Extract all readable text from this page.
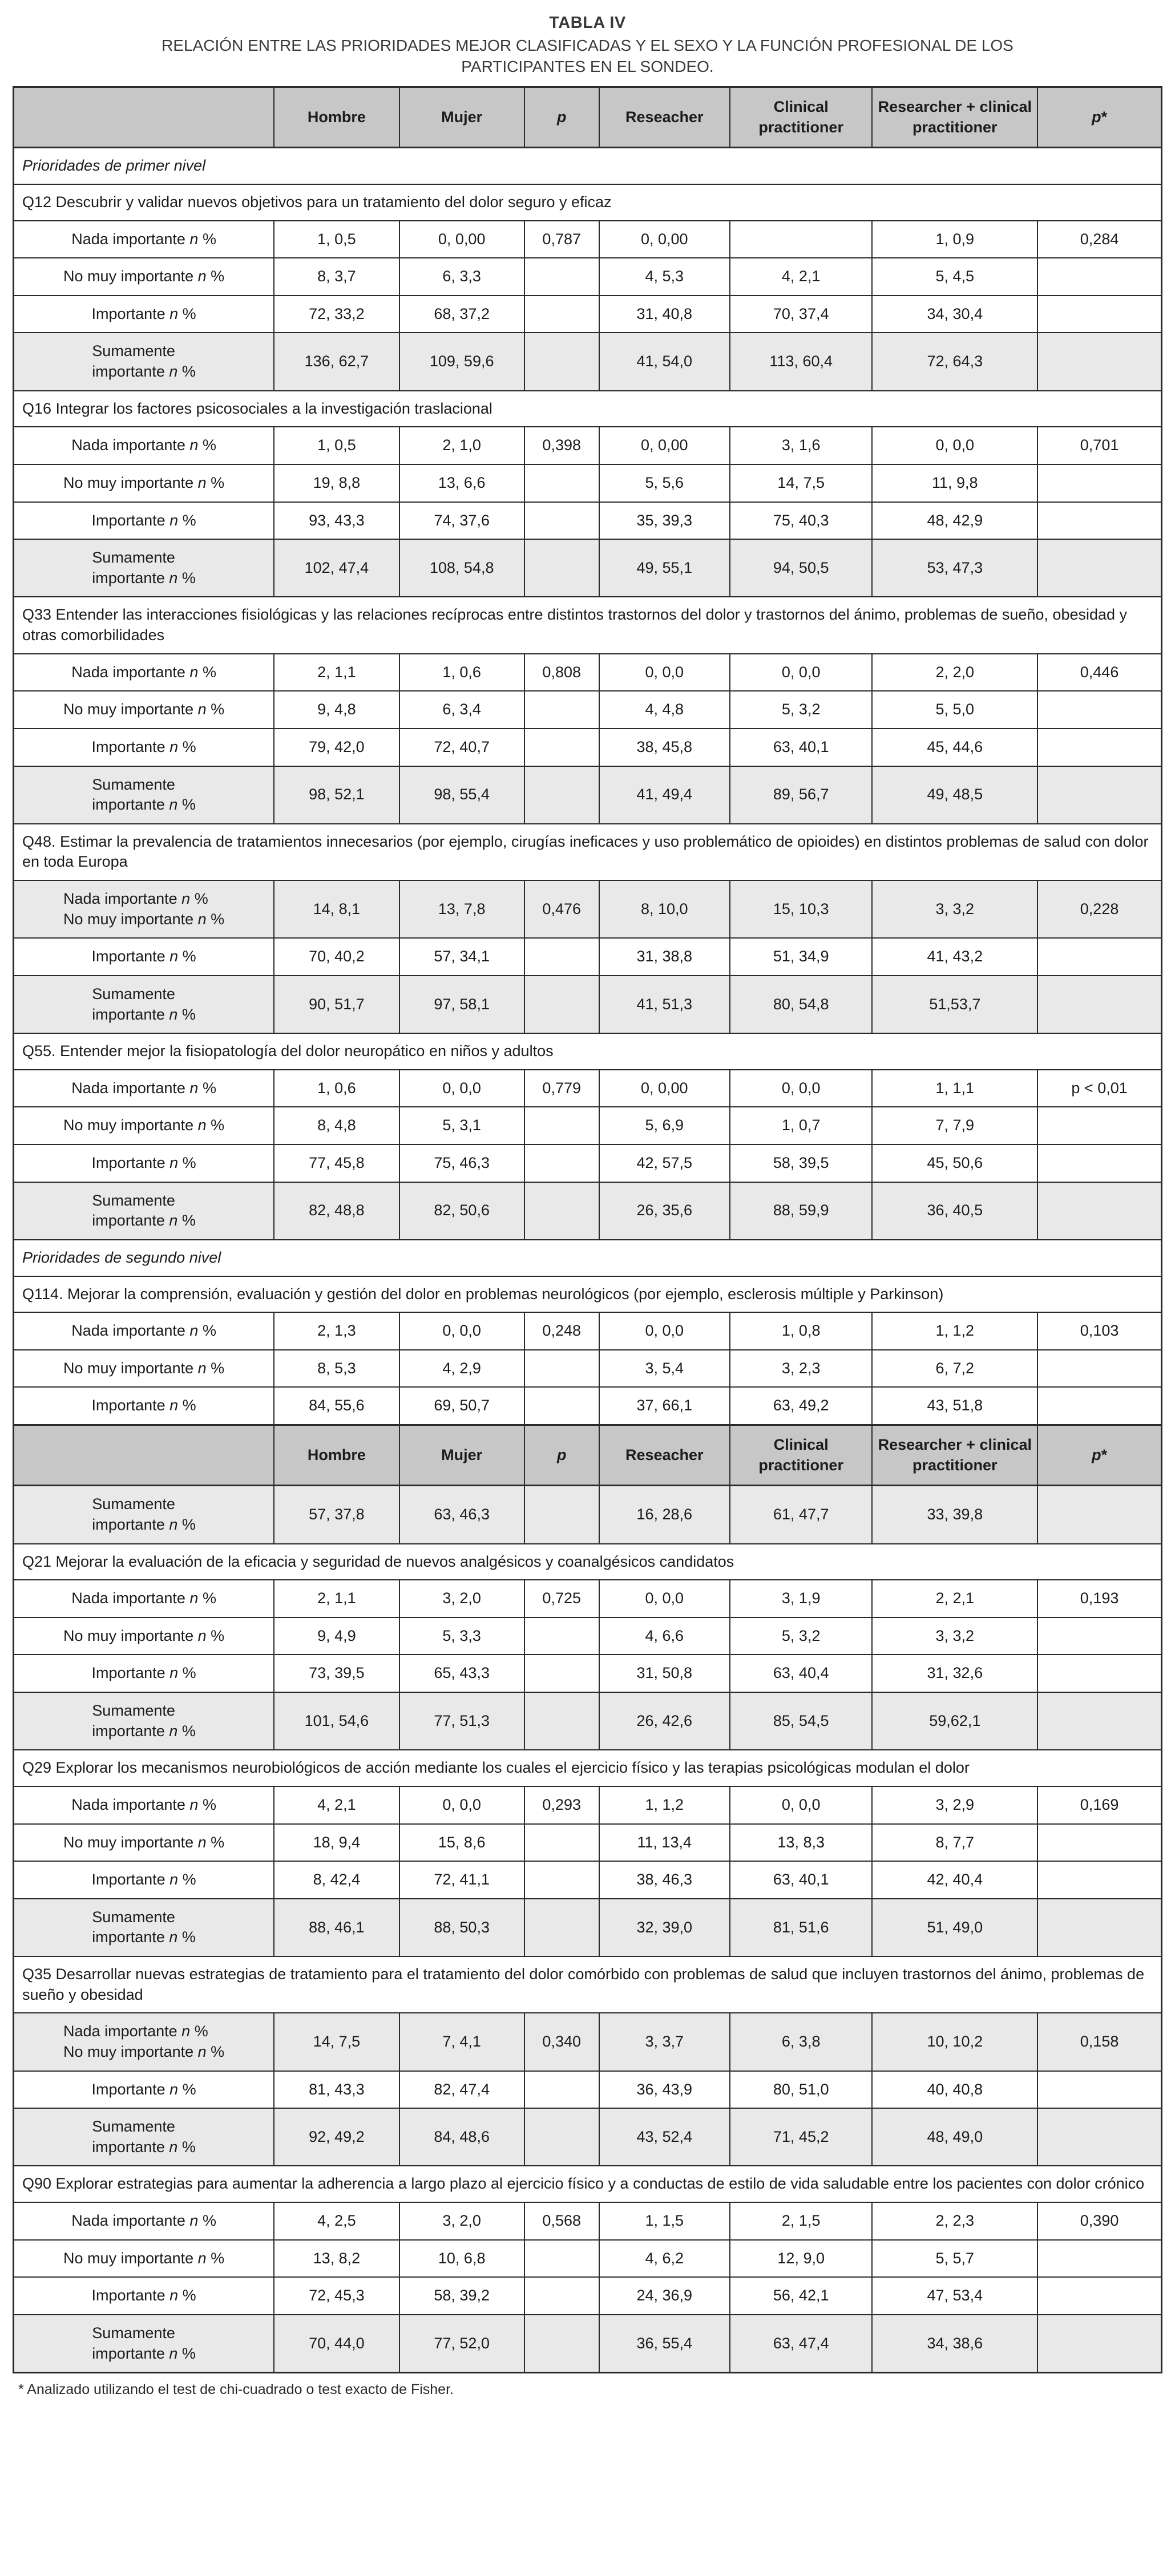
TABLA IV
RELACIÓN ENTRE LAS PRIORIDADES MEJOR CLASIFICADAS Y EL SEXO Y LA FUNCIÓN PROFESIONAL DE LOS PARTICIPANTES EN EL SONDEO.
	Hombre	Mujer	p	Reseacher	Clinical practitioner	Researcher + clinical practitioner	p*
Prioridades de primer nivel							
Q12 Descubrir y validar nuevos objetivos para un tratamiento del dolor seguro y eficaz							
Nada importante n %	1, 0,5	0, 0,00	0,787	0, 0,00		1, 0,9	0,284
No muy importante n %	8, 3,7	6, 3,3		4, 5,3	4, 2,1	5, 4,5	
Importante n %	72, 33,2	68, 37,2		31, 40,8	70, 37,4	34, 30,4	
Sumamente
importante n %	136, 62,7	109, 59,6		41, 54,0	113, 60,4	72, 64,3	
Q16 Integrar los factores psicosociales a la investigación traslacional							
Nada importante n %	1, 0,5	2, 1,0	0,398	0, 0,00	3, 1,6	0, 0,0	0,701
No muy importante n %	19, 8,8	13, 6,6		5, 5,6	14, 7,5	11, 9,8	
Importante n %	93, 43,3	74, 37,6		35, 39,3	75, 40,3	48, 42,9	
Sumamente
importante n %	102, 47,4	108, 54,8		49, 55,1	94, 50,5	53, 47,3	
Q33 Entender las interacciones fisiológicas y las relaciones recíprocas entre distintos trastornos del dolor y trastornos del ánimo, problemas de sueño, obesidad y otras comorbilidades							
Nada importante n %	2, 1,1	1, 0,6	0,808	0, 0,0	0, 0,0	2, 2,0	0,446
No muy importante n %	9, 4,8	6, 3,4		4, 4,8	5, 3,2	5, 5,0	
Importante n %	79, 42,0	72, 40,7		38, 45,8	63, 40,1	45, 44,6	
Sumamente
importante n %	98, 52,1	98, 55,4		41, 49,4	89, 56,7	49, 48,5	
Q48. Estimar la prevalencia de tratamientos innecesarios (por ejemplo, cirugías ineficaces y uso problemático de opioides) en distintos problemas de salud con dolor en toda Europa							
Nada importante n %
No muy importante n %	14, 8,1	13, 7,8	0,476	8, 10,0	15, 10,3	3, 3,2	0,228
Importante n %	70, 40,2	57, 34,1		31, 38,8	51, 34,9	41, 43,2	
Sumamente
importante n %	90, 51,7	97, 58,1		41, 51,3	80, 54,8	51,53,7	
Q55. Entender mejor la fisiopatología del dolor neuropático en niños y adultos							
Nada importante n %	1, 0,6	0, 0,0	0,779	0, 0,00	0, 0,0	1, 1,1	p < 0,01
No muy importante n %	8, 4,8	5, 3,1		5, 6,9	1, 0,7	7, 7,9	
Importante n %	77, 45,8	75, 46,3		42, 57,5	58, 39,5	45, 50,6	
Sumamente
importante n %	82, 48,8	82, 50,6		26, 35,6	88, 59,9	36, 40,5	
Prioridades de segundo nivel							
Q114. Mejorar la comprensión, evaluación y gestión del dolor en problemas neurológicos (por ejemplo, esclerosis múltiple y Parkinson)							
Nada importante n %	2, 1,3	0, 0,0	0,248	0, 0,0	1, 0,8	1, 1,2	0,103
No muy importante n %	8, 5,3	4, 2,9		3, 5,4	3, 2,3	6, 7,2	
Importante n %	84, 55,6	69, 50,7		37, 66,1	63, 49,2	43, 51,8	
	Hombre	Mujer	p	Reseacher	Clinical practitioner	Researcher + clinical practitioner	p*
Sumamente
importante n %	57, 37,8	63, 46,3		16, 28,6	61, 47,7	33, 39,8	
Q21 Mejorar la evaluación de la eficacia y seguridad de nuevos analgésicos y coanalgésicos candidatos							
Nada importante n %	2, 1,1	3, 2,0	0,725	0, 0,0	3, 1,9	2, 2,1	0,193
No muy importante n %	9, 4,9	5, 3,3		4, 6,6	5, 3,2	3, 3,2	
Importante n %	73, 39,5	65, 43,3		31, 50,8	63, 40,4	31, 32,6	
Sumamente
importante n %	101, 54,6	77, 51,3		26, 42,6	85, 54,5	59,62,1	
Q29 Explorar los mecanismos neurobiológicos de acción mediante los cuales el ejercicio físico y las terapias psicológicas modulan el dolor							
Nada importante n %	4, 2,1	0, 0,0	0,293	1, 1,2	0, 0,0	3, 2,9	0,169
No muy importante n %	18, 9,4	15, 8,6		11, 13,4	13, 8,3	8, 7,7	
Importante n %	8, 42,4	72, 41,1		38, 46,3	63, 40,1	42, 40,4	
Sumamente
importante n %	88, 46,1	88, 50,3		32, 39,0	81, 51,6	51, 49,0	
Q35 Desarrollar nuevas estrategias de tratamiento para el tratamiento del dolor comórbido con problemas de salud que incluyen trastornos del ánimo, problemas de sueño y obesidad							
Nada importante n %
No muy importante n %	14, 7,5	7, 4,1	0,340	3, 3,7	6, 3,8	10, 10,2	0,158
Importante n %	81, 43,3	82, 47,4		36, 43,9	80, 51,0	40, 40,8	
Sumamente
importante n %	92, 49,2	84, 48,6		43, 52,4	71, 45,2	48, 49,0	
Q90 Explorar estrategias para aumentar la adherencia a largo plazo al ejercicio físico y a conductas de estilo de vida saludable entre los pacientes con dolor crónico							
Nada importante n %	4, 2,5	3, 2,0	0,568	1, 1,5	2, 1,5	2, 2,3	0,390
No muy importante n %	13, 8,2	10, 6,8		4, 6,2	12, 9,0	5, 5,7	
Importante n %	72, 45,3	58, 39,2		24, 36,9	56, 42,1	47, 53,4	
Sumamente
importante n %	70, 44,0	77, 52,0		36, 55,4	63, 47,4	34, 38,6	
* Analizado utilizando el test de chi-cuadrado o test exacto de Fisher.
